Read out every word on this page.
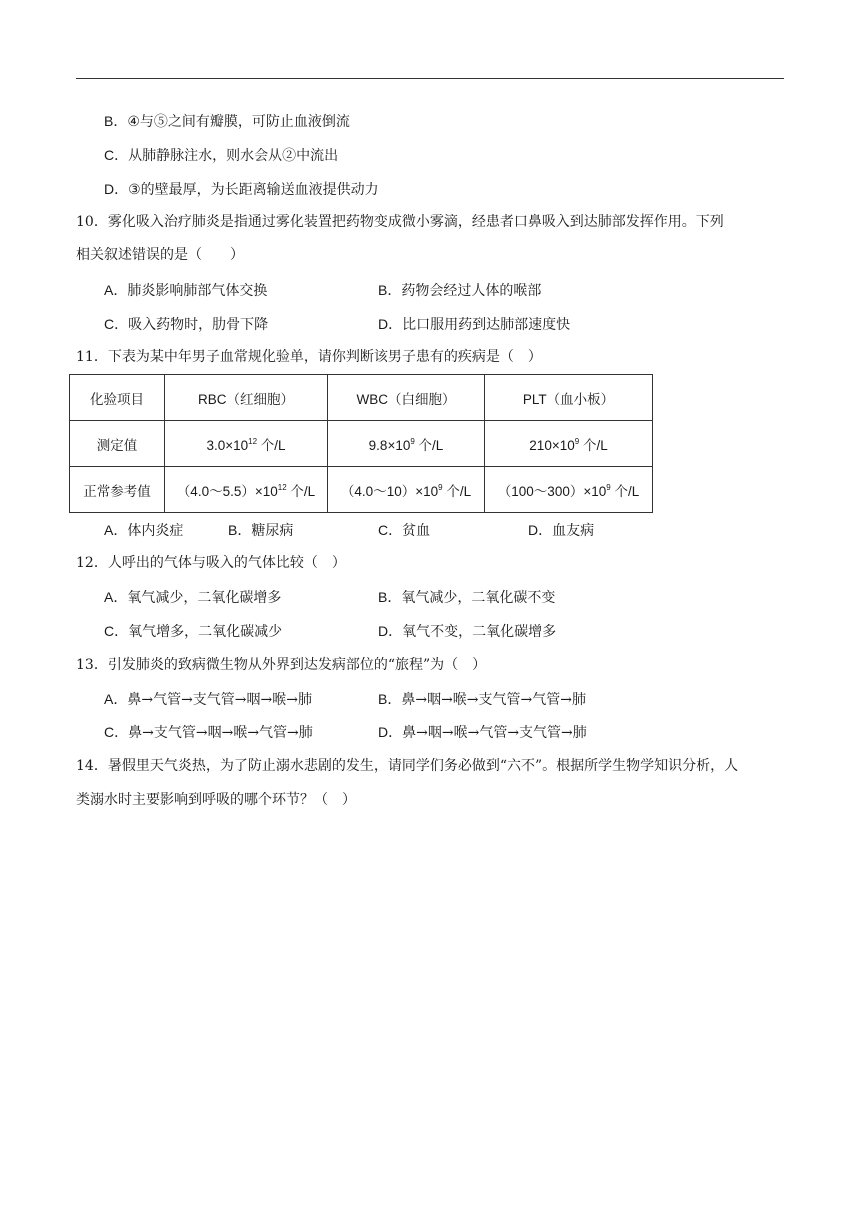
B．④与⑤之间有瓣膜，可防止血液倒流
C．从肺静脉注水，则水会从②中流出
D．③的壁最厚，为长距离输送血液提供动力
10．雾化吸入治疗肺炎是指通过雾化装置把药物变成微小雾滴，经患者口鼻吸入到达肺部发挥作用。下列
相关叙述错误的是（　　）
A．肺炎影响肺部气体交换	B．药物会经过人体的喉部
C．吸入药物时，肋骨下降	D．比口服用药到达肺部速度快
11．下表为某中年男子血常规化验单，请你判断该男子患有的疾病是（　）
化验项目	RBC（红细胞）	WBC（白细胞）	PLT（血小板）
测定值	$3.0\times 10^{12}$ 个/L	$9.8\times 10^9$ 个/L	$210\times 10^9$ 个/L
正常参考值	$(4.0\sim 5.5)\times 10^{12}$ 个/L	$(4.0\sim 10)\times 10^9$ 个/L	$(100\sim 300)\times 10^9$ 个/L
A．体内炎症	B．糖尿病	C．贫血	D．血友病
12．人呼出的气体与吸入的气体比较（　）
A．氧气减少，二氧化碳增多	B．氧气减少，二氧化碳不变
C．氧气增多，二氧化碳减少	D．氧气不变，二氧化碳增多
13．引发肺炎的致病微生物从外界到达发病部位的“旅程”为（　）
A．鼻→气管→支气管→咽→喉→肺	B．鼻→咽→喉→支气管→气管→肺
C．鼻→支气管→咽→喉→气管→肺	D．鼻→咽→喉→气管→支气管→肺
14．暑假里天气炎热，为了防止溺水悲剧的发生，请同学们务必做到“六不”。根据所学生物学知识分析，人
类溺水时主要影响到呼吸的哪个环节？（　）
